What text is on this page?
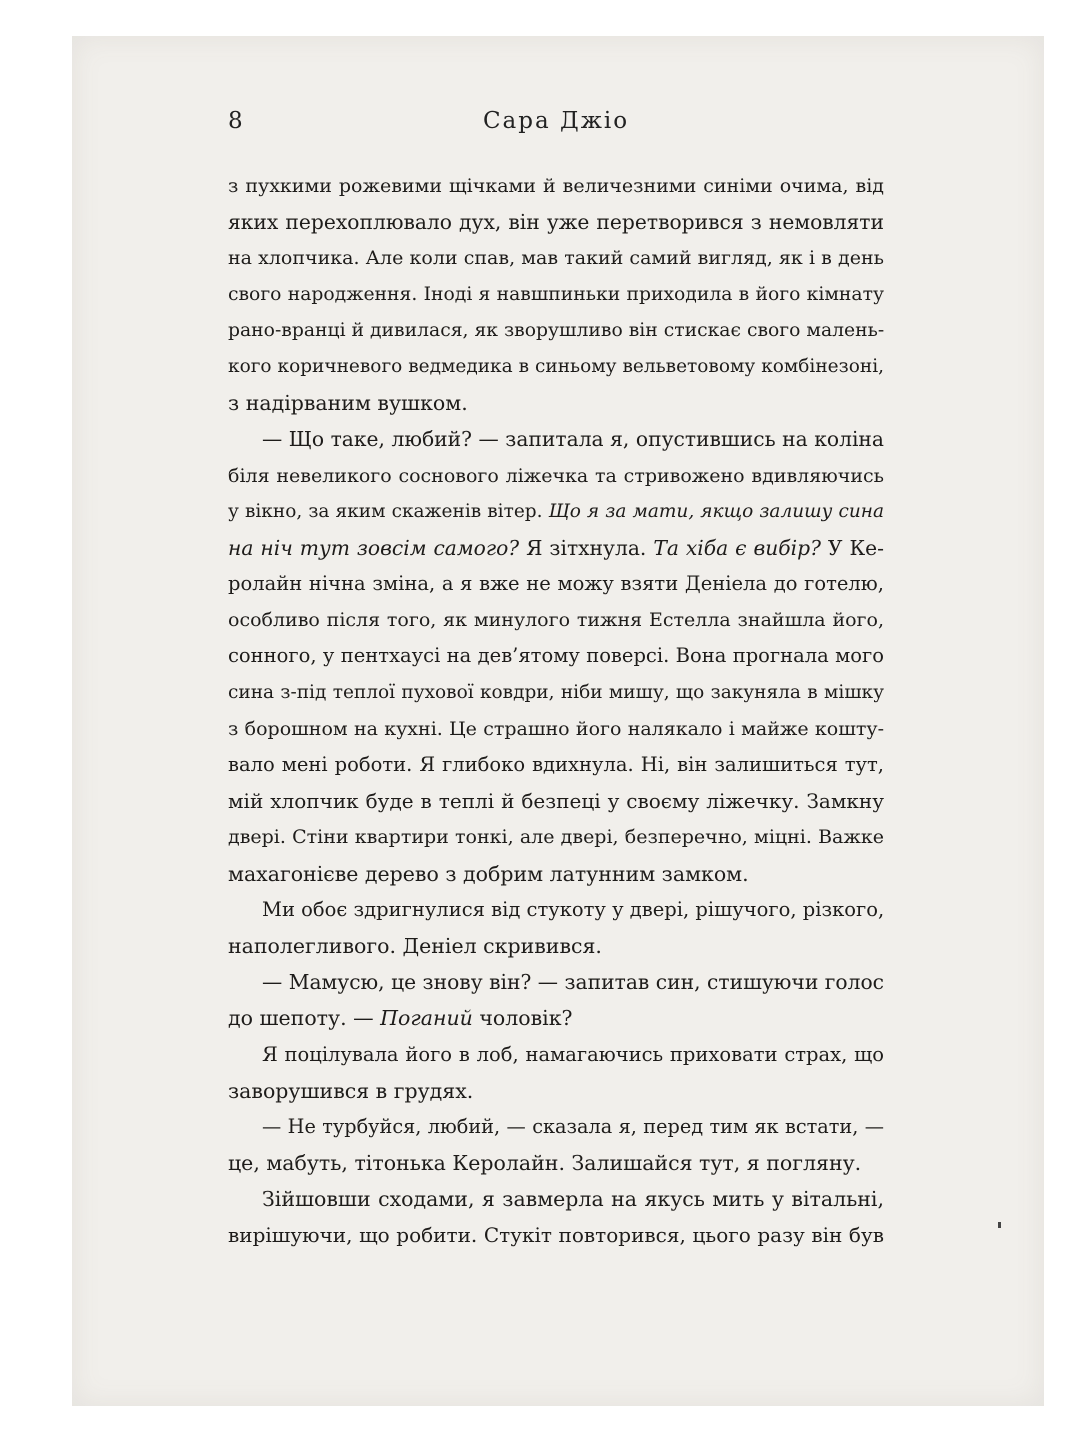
8	Сара Джіо
з пухкими рожевими щічками й величезними синіми очима, від
яких перехоплювало дух, він уже перетворився з немовляти
на хлопчика. Але коли спав, мав такий самий вигляд, як і в день
свого народження. Іноді я навшпиньки приходила в його кімнату
рано-вранці й дивилася, як зворушливо він стискає свого малень-
кого коричневого ведмедика в синьому вельветовому комбінезоні,
з надірваним вушком.
— Що таке, любий? — запитала я, опустившись на коліна
біля невеликого соснового ліжечка та стривожено вдивляючись
у вікно, за яким скаженів вітер. Що я за мати, якщо залишу сина
на ніч тут зовсім самого? Я зітхнула. Та хіба є вибір? У Ке-
ролайн нічна зміна, а я вже не можу взяти Деніела до готелю,
особливо після того, як минулого тижня Естелла знайшла його,
сонного, у пентхаусі на дев’ятому поверсі. Вона прогнала мого
сина з-під теплої пухової ковдри, ніби мишу, що закуняла в мішку
з борошном на кухні. Це страшно його налякало і майже кошту-
вало мені роботи. Я глибоко вдихнула. Ні, він залишиться тут,
мій хлопчик буде в теплі й безпеці у своєму ліжечку. Замкну
двері. Стіни квартири тонкі, але двері, безперечно, міцні. Важке
махагонієве дерево з добрим латунним замком.
Ми обоє здригнулися від стукоту у двері, рішучого, різкого,
наполегливого. Деніел скривився.
— Мамусю, це знову він? — запитав син, стишуючи голос
до шепоту. — Поганий чоловік?
Я поцілувала його в лоб, намагаючись приховати страх, що
заворушився в грудях.
— Не турбуйся, любий, — сказала я, перед тим як встати, —
це, мабуть, тітонька Керолайн. Залишайся тут, я погляну.
Зійшовши сходами, я завмерла на якусь мить у вітальні,
вирішуючи, що робити. Стукіт повторився, цього разу він був
